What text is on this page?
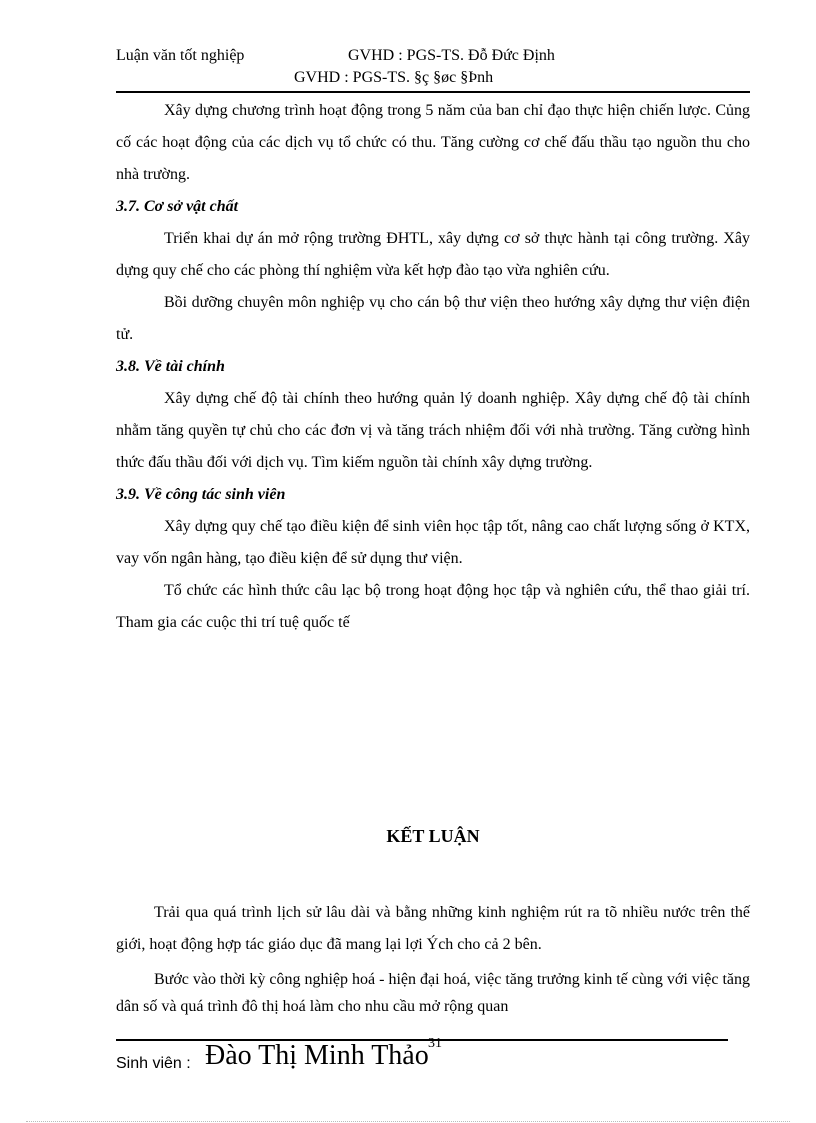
Luận văn tốt nghiệp	GVHD : PGS-TS. Đỗ Đức Định
GVHD : PGS-TS. §ç §øc §Þnh

Xây dựng chương trình hoạt động trong 5 năm của ban chỉ đạo thực hiện chiến lược. Củng cố các hoạt động của các dịch vụ tổ chức có thu. Tăng cường cơ chế đấu thầu tạo nguồn thu cho nhà trường.

3.7. Cơ sở vật chất

Triển khai dự án mở rộng trường ĐHTL, xây dựng cơ sở thực hành tại công trường. Xây dựng quy chế cho các phòng thí nghiệm vừa kết hợp đào tạo vừa nghiên cứu.

Bồi dưỡng chuyên môn nghiệp vụ cho cán bộ thư viện theo hướng xây dựng thư viện điện tử.

3.8. Về tài chính

Xây dựng chế độ tài chính theo hướng quản lý doanh nghiệp. Xây dựng chế độ tài chính nhằm tăng quyền tự chủ cho các đơn vị và tăng trách nhiệm đối với nhà trường. Tăng cường hình thức đấu thầu đối với dịch vụ. Tìm kiếm nguồn tài chính xây dựng trường.

3.9. Về công tác sinh viên

Xây dựng quy chế tạo điều kiện để sinh viên học tập tốt, nâng cao chất lượng sống ở KTX, vay vốn ngân hàng, tạo điều kiện để sử dụng thư viện.

Tổ chức các hình thức câu lạc bộ trong hoạt động học tập và nghiên cứu, thể thao giải trí. Tham gia các cuộc thi trí tuệ quốc tế

KẾT LUẬN

Trải qua quá trình lịch sử lâu dài và bằng những kinh nghiệm rút ra tõ nhiều nước trên thế giới, hoạt động hợp tác giáo dục đã mang lại lợi Ých cho cả 2 bên.

Bước vào thời kỳ công nghiệp hoá - hiện đại hoá, việc tăng trưởng kinh tế cùng với việc tăng dân số và quá trình đô thị hoá làm cho nhu cầu mở rộng quan

Sinh viên : Đào Thị Minh Thảo 31
